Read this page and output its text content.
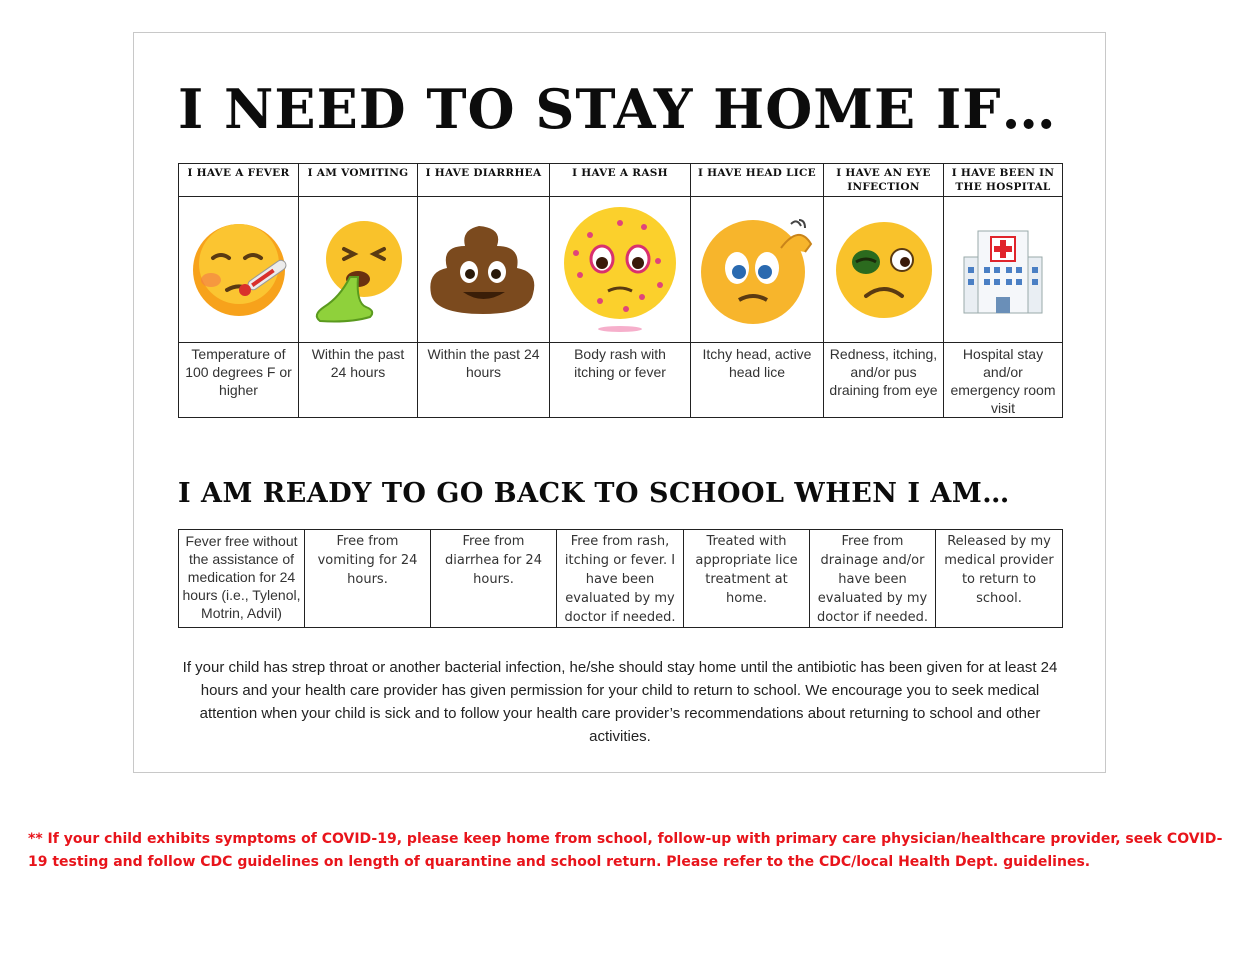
I NEED TO STAY HOME IF…
I HAVE A FEVER	I AM VOMITING	I HAVE DIARRHEA	I HAVE A RASH	I HAVE HEAD LICE	I HAVE AN EYE INFECTION	I HAVE BEEN IN THE HOSPITAL

Temperature of 100 degrees F or higher	Within the past 24 hours	Within the past 24 hours	Body rash with itching or fever	Itchy head, active head lice	Redness, itching, and/or pus draining from eye	Hospital stay and/or emergency room visit
I AM READY TO GO BACK TO SCHOOL WHEN I AM…
Fever free without the assistance of medication for 24 hours (i.e., Tylenol, Motrin, Advil)	Free from vomiting for 24 hours.	Free from diarrhea for 24 hours.	Free from rash, itching or fever. I have been evaluated by my doctor if needed.	Treated with appropriate lice treatment at home.	Free from drainage and/or have been evaluated by my doctor if needed.	Released by my medical provider to return to school.

If your child has strep throat or another bacterial infection, he/she should stay home until the antibiotic has been given for at least 24 hours and your health care provider has given permission for your child to return to school. We encourage you to seek medical attention when your child is sick and to follow your health care provider’s recommendations about returning to school and other activities.

** If your child exhibits symptoms of COVID-19, please keep home from school, follow-up with primary care physician/healthcare provider, seek COVID-19 testing and follow CDC guidelines on length of quarantine and school return. Please refer to the CDC/local Health Dept. guidelines.
